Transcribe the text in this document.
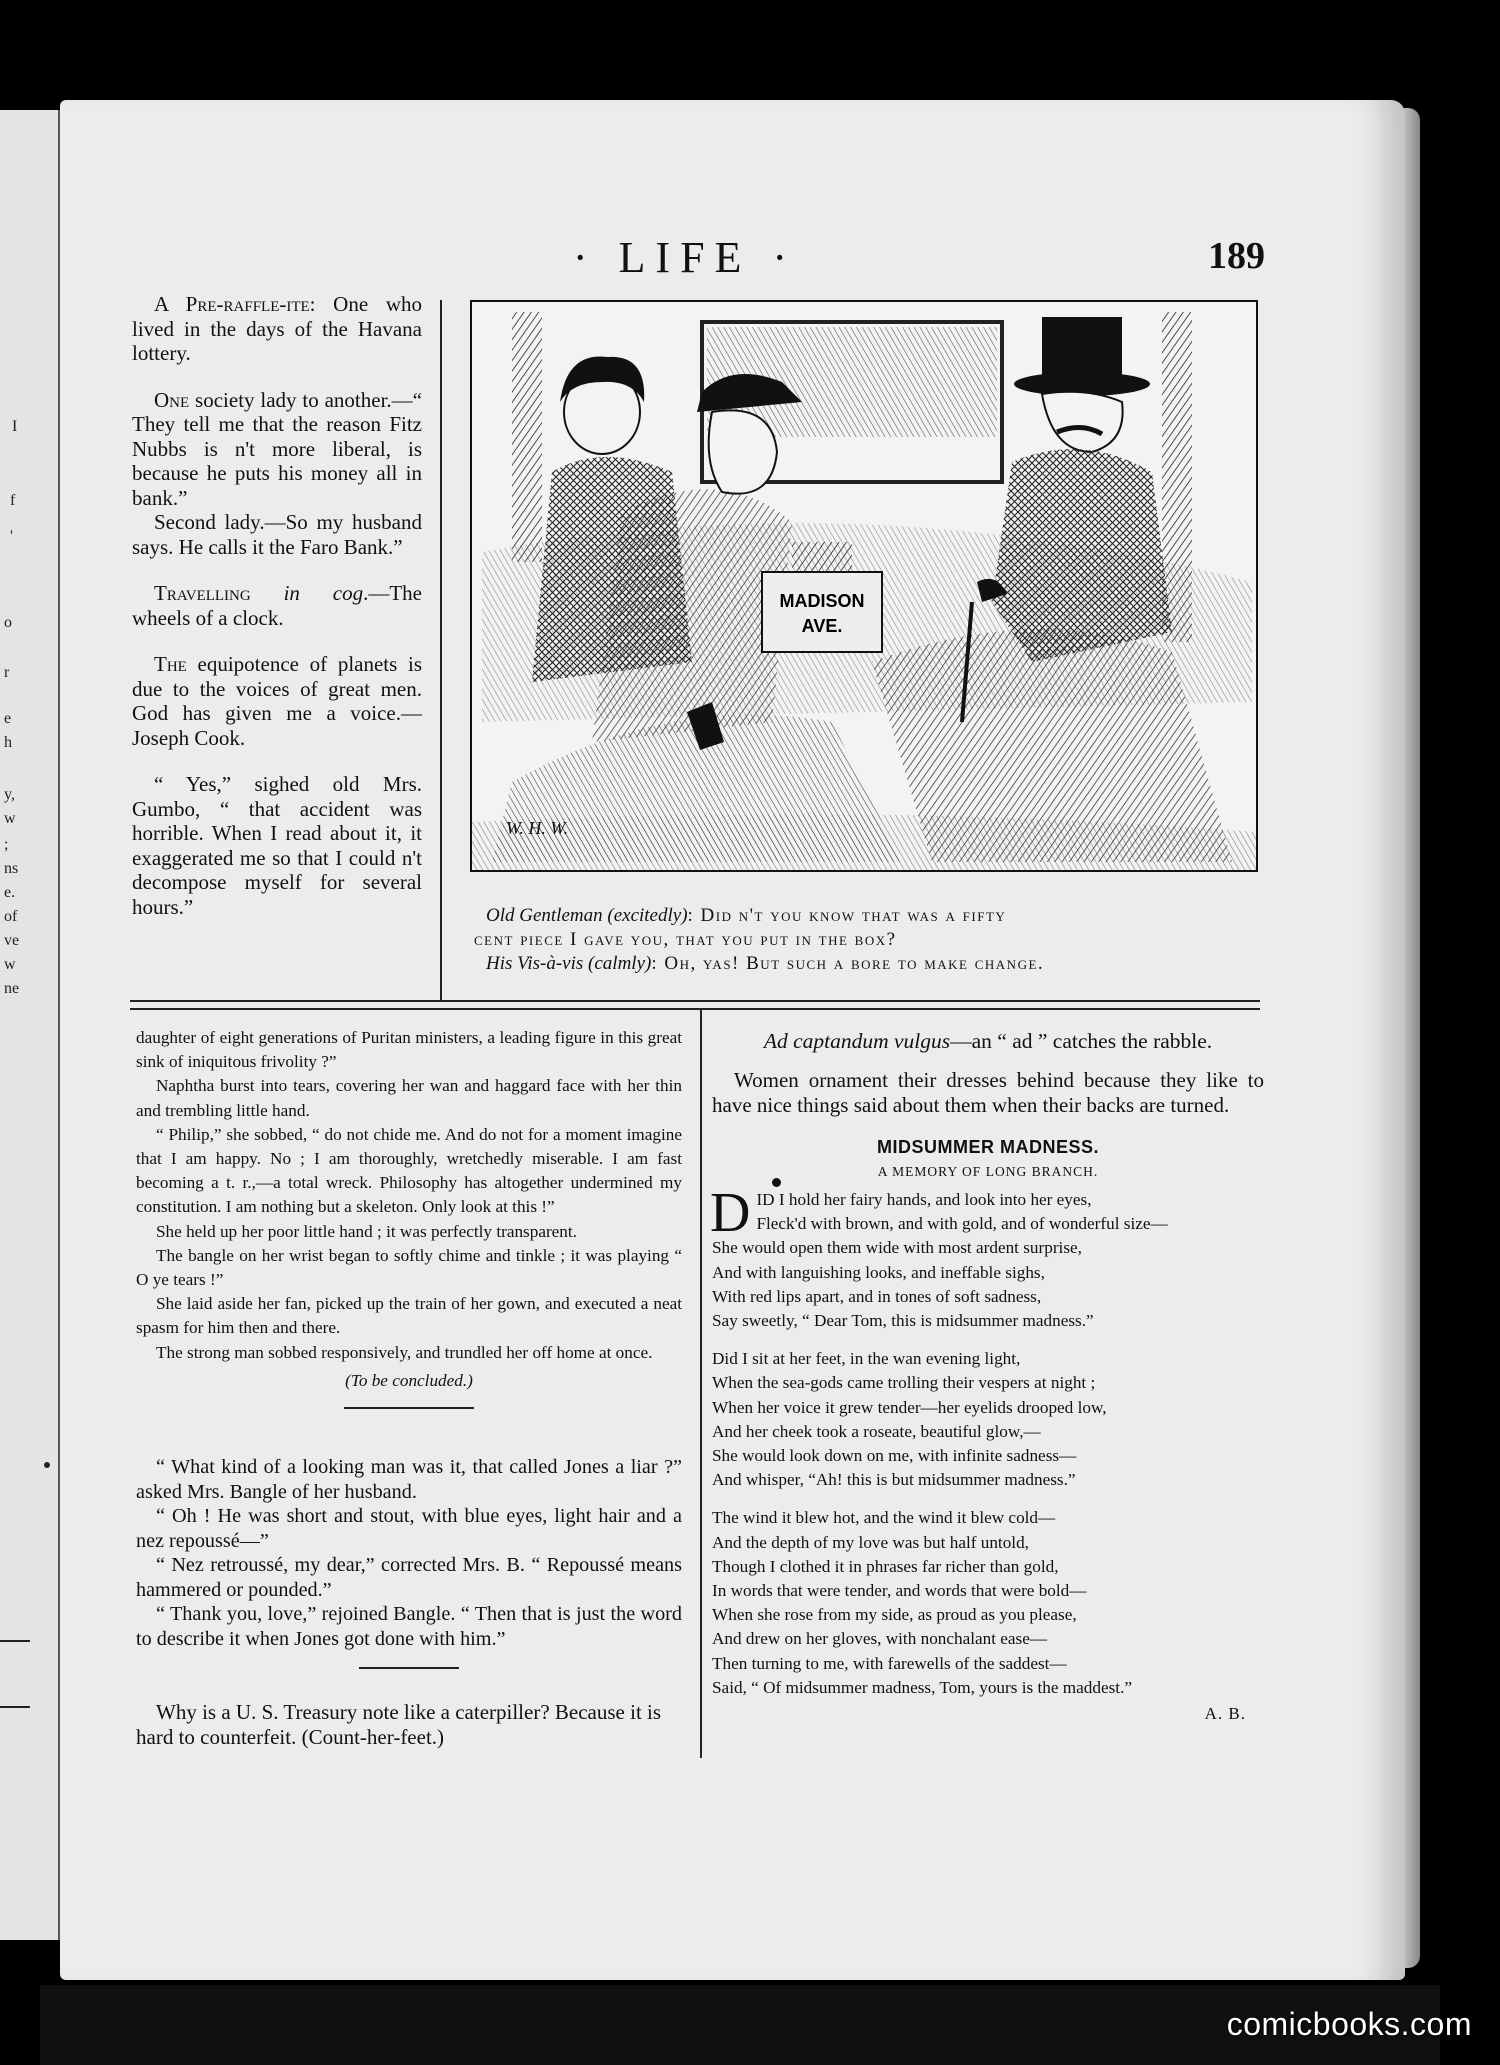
I
f
'
o
r
e
h
y,
w
;
ns
e.
of
ve
w
ne
· LIFE ·	189

A Pre-raffle-ite: One who lived in the days of the Havana lottery.

One society lady to another.—“ They tell me that the reason Fitz Nubbs is n't more liberal, is because he puts his money all in bank.”

Second lady.—So my husband says. He calls it the Faro Bank.”

Travelling in cog.—The wheels of a clock.

The equipotence of planets is due to the voices of great men. God has given me a voice.—Joseph Cook.

“ Yes,” sighed old Mrs. Gumbo, “ that accident was horrible. When I read about it, it exaggerated me so that I could n't decompose myself for several hours.”

MADISON
AVE.
W. H. W.
Old Gentleman (excitedly): Did n't you know that was a fifty
cent piece I gave you, that you put in the box?
His Vis-à-vis (calmly): Oh, yas! But such a bore to make change.

daughter of eight generations of Puritan ministers, a leading figure in this great sink of iniquitous frivolity ?”

Naphtha burst into tears, covering her wan and haggard face with her thin and trembling little hand.

“ Philip,” she sobbed, “ do not chide me. And do not for a moment imagine that I am happy. No ; I am thoroughly, wretchedly miserable. I am fast becoming a t. r.,—a total wreck. Philosophy has altogether undermined my constitution. I am nothing but a skeleton. Only look at this !”

She held up her poor little hand ; it was perfectly transparent.

The bangle on her wrist began to softly chime and tinkle ; it was playing “ O ye tears !”

She laid aside her fan, picked up the train of her gown, and executed a neat spasm for him then and there.

The strong man sobbed responsively, and trundled her off home at once.

(To be concluded.)

“ What kind of a looking man was it, that called Jones a liar ?” asked Mrs. Bangle of her husband.

“ Oh ! He was short and stout, with blue eyes, light hair and a nez repoussé—”

“ Nez retroussé, my dear,” corrected Mrs. B. “ Repoussé means hammered or pounded.”

“ Thank you, love,” rejoined Bangle. “ Then that is just the word to describe it when Jones got done with him.”

Why is a U. S. Treasury note like a caterpiller? Because it is hard to counterfeit. (Count-her-feet.)

Ad captandum vulgus—an “ ad ” catches the rabble.

Women ornament their dresses behind because they like to have nice things said about them when their backs are turned.

MIDSUMMER MADNESS.
A MEMORY OF LONG BRANCH.
DID I hold her fairy hands, and look into her eyes,
Fleck'd with brown, and with gold, and of wonderful size—
She would open them wide with most ardent surprise,
And with languishing looks, and ineffable sighs,
With red lips apart, and in tones of soft sadness,
Say sweetly, “ Dear Tom, this is midsummer madness.”
Did I sit at her feet, in the wan evening light,
When the sea-gods came trolling their vespers at night ;
When her voice it grew tender—her eyelids drooped low,
And her cheek took a roseate, beautiful glow,—
She would look down on me, with infinite sadness—
And whisper, “Ah! this is but midsummer madness.”
The wind it blew hot, and the wind it blew cold—
And the depth of my love was but half untold,
Though I clothed it in phrases far richer than gold,
In words that were tender, and words that were bold—
When she rose from my side, as proud as you please,
And drew on her gloves, with nonchalant ease—
Then turning to me, with farewells of the saddest—
Said, “ Of midsummer madness, Tom, yours is the maddest.”
A. B.
comicbooks.com
